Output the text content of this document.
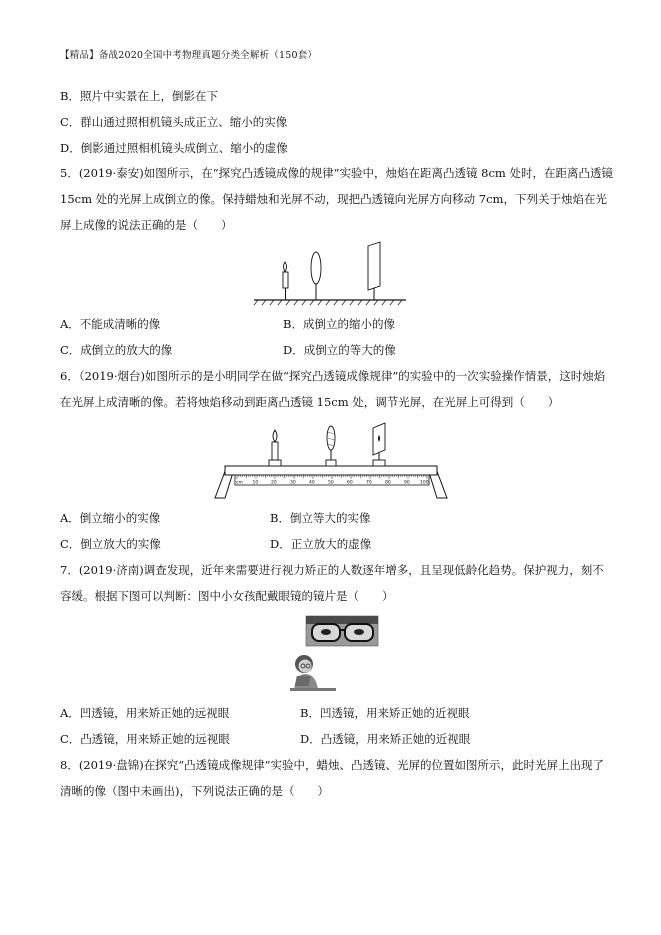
【精品】备战2020全国中考物理真题分类全解析（150套）
B．照片中实景在上，倒影在下
C．群山通过照相机镜头成正立、缩小的实像
D．倒影通过照相机镜头成倒立、缩小的虚像
5．(2019·泰安)如图所示，在“探究凸透镜成像的规律”实验中，烛焰在距离凸透镜 8cm 处时，在距离凸透镜
15cm 处的光屏上成倒立的像。保持蜡烛和光屏不动，现把凸透镜向光屏方向移动 7cm，下列关于烛焰在光
屏上成像的说法正确的是（　　）
A．不能成清晰的像	B．成倒立的缩小的像
C．成倒立的放大的像	D．成倒立的等大的像
6．（2019·烟台)如图所示的是小明同学在做“探究凸透镜成像规律”的实验中的一次实验操作情景，这时烛焰
在光屏上成清晰的像。若将烛焰移动到距离凸透镜 15cm 处，调节光屏，在光屏上可得到（　　）
cm 10	20	30	40	50	60	70	80	90 100
A．倒立缩小的实像	B．倒立等大的实像
C．倒立放大的实像	D．正立放大的虚像
7．(2019·济南)调查发现，近年来需要进行视力矫正的人数逐年增多，且呈现低龄化趋势。保护视力，刻不
容缓。根据下图可以判断：图中小女孩配戴眼镜的镜片是（　　）
A．凹透镜，用来矫正她的远视眼	B．凹透镜，用来矫正她的近视眼
C．凸透镜，用来矫正她的远视眼	D．凸透镜，用来矫正她的近视眼
8．(2019·盘锦)在探究“凸透镜成像规律”实验中，蜡烛、凸透镜、光屏的位置如图所示，此时光屏上出现了
清晰的像（图中未画出)，下列说法正确的是（　　）
